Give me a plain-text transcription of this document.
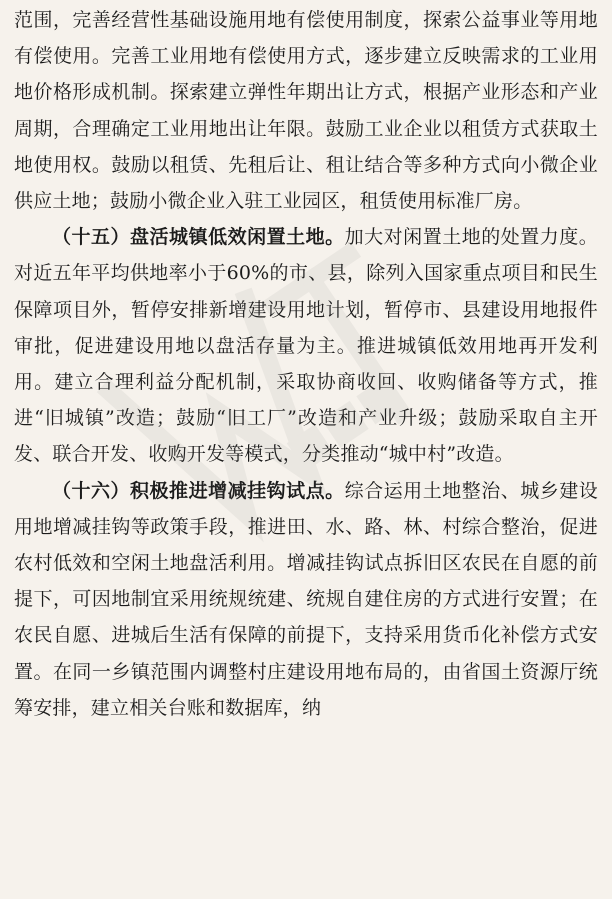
范围，完善经营性基础设施用地有偿使用制度，探索公益事业等用地有偿使用。完善工业用地有偿使用方式，逐步建立反映需求的工业用地价格形成机制。探索建立弹性年期出让方式，根据产业形态和产业周期，合理确定工业用地出让年限。鼓励工业企业以租赁方式获取土地使用权。鼓励以租赁、先租后让、租让结合等多种方式向小微企业供应土地；鼓励小微企业入驻工业园区，租赁使用标准厂房。

（十五）盘活城镇低效闲置土地。加大对闲置土地的处置力度。对近五年平均供地率小于60%的市、县，除列入国家重点项目和民生保障项目外，暂停安排新增建设用地计划，暂停市、县建设用地报件审批，促进建设用地以盘活存量为主。推进城镇低效用地再开发利用。建立合理利益分配机制，采取协商收回、收购储备等方式，推进“旧城镇”改造；鼓励“旧工厂”改造和产业升级；鼓励采取自主开发、联合开发、收购开发等模式，分类推动“城中村”改造。

（十六）积极推进增减挂钩试点。综合运用土地整治、城乡建设用地增减挂钩等政策手段，推进田、水、路、林、村综合整治，促进农村低效和空闲土地盘活利用。增减挂钩试点拆旧区农民在自愿的前提下，可因地制宜采用统规统建、统规自建住房的方式进行安置；在农民自愿、进城后生活有保障的前提下，支持采用货币化补偿方式安置。在同一乡镇范围内调整村庄建设用地布局的，由省国土资源厅统筹安排，建立相关台账和数据库，纳
